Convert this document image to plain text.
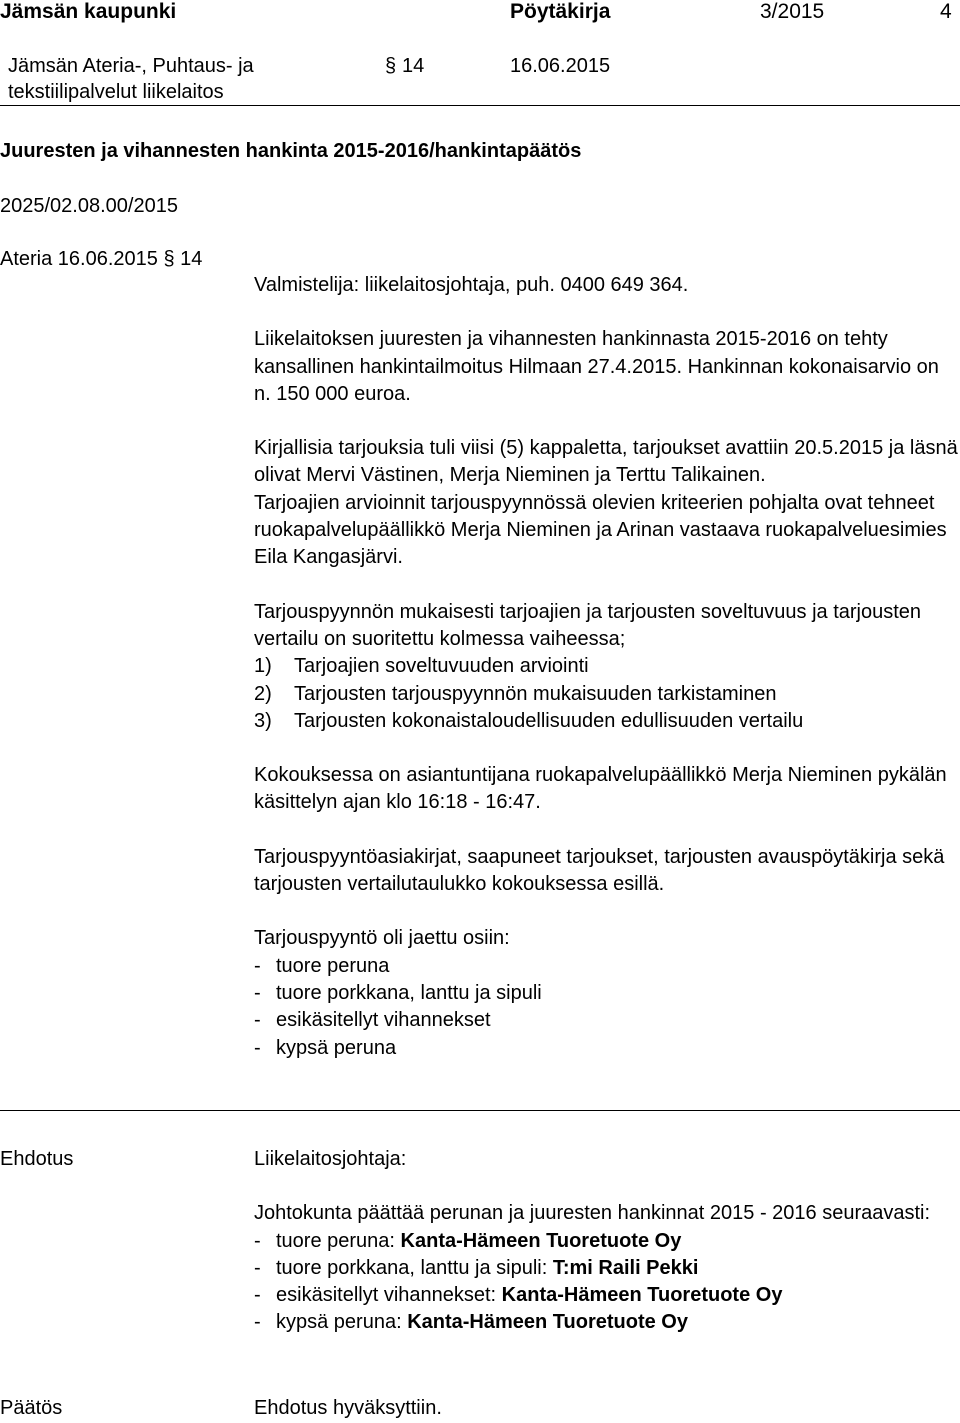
Jämsän kaupunki	Pöytäkirja	3/2015	4
Jämsän Ateria-, Puhtaus- ja
tekstiilipalvelut liikelaitos
§ 14	16.06.2015
Juuresten ja vihannesten hankinta 2015-2016/hankintapäätös
2025/02.08.00/2015
Ateria 16.06.2015 § 14

Valmistelija: liikelaitosjohtaja, puh. 0400 649 364.

Liikelaitoksen juuresten ja vihannesten hankinnasta 2015-2016 on tehty kansallinen hankintailmoitus Hilmaan 27.4.2015. Hankinnan kokonaisarvio on n. 150 000 euroa.

Kirjallisia tarjouksia tuli viisi (5) kappaletta, tarjoukset avattiin 20.5.2015 ja läsnä olivat Mervi Västinen, Merja Nieminen ja Terttu Talikainen.

Tarjoajien arvioinnit tarjouspyynnössä olevien kriteerien pohjalta ovat tehneet ruokapalvelupäällikkö Merja Nieminen ja Arinan vastaava ruokapalveluesimies Eila Kangasjärvi.

Tarjouspyynnön mukaisesti tarjoajien ja tarjousten soveltuvuus ja tarjousten vertailu on suoritettu kolmessa vaiheessa;

1)	Tarjoajien soveltuvuuden arviointi
2)	Tarjousten tarjouspyynnön mukaisuuden tarkistaminen
3)	Tarjousten kokonaistaloudellisuuden edullisuuden vertailu

Kokouksessa on asiantuntijana ruokapalvelupäällikkö Merja Nieminen pykälän käsittelyn ajan klo 16:18 - 16:47.

Tarjouspyyntöasiakirjat, saapuneet tarjoukset, tarjousten avauspöytäkirja sekä tarjousten vertailutaulukko kokouksessa esillä.

Tarjouspyyntö oli jaettu osiin:

- tuore peruna
- tuore porkkana, lanttu ja sipuli
- esikäsitellyt vihannekset
- kypsä peruna
Ehdotus	Liikelaitosjohtaja:

Johtokunta päättää perunan ja juuresten hankinnat 2015 - 2016 seuraavasti:

- tuore peruna: Kanta-Hämeen Tuoretuote Oy
- tuore porkkana, lanttu ja sipuli: T:mi Raili Pekki
- esikäsitellyt vihannekset: Kanta-Hämeen Tuoretuote Oy
- kypsä peruna: Kanta-Hämeen Tuoretuote Oy
Päätös	Ehdotus hyväksyttiin.
